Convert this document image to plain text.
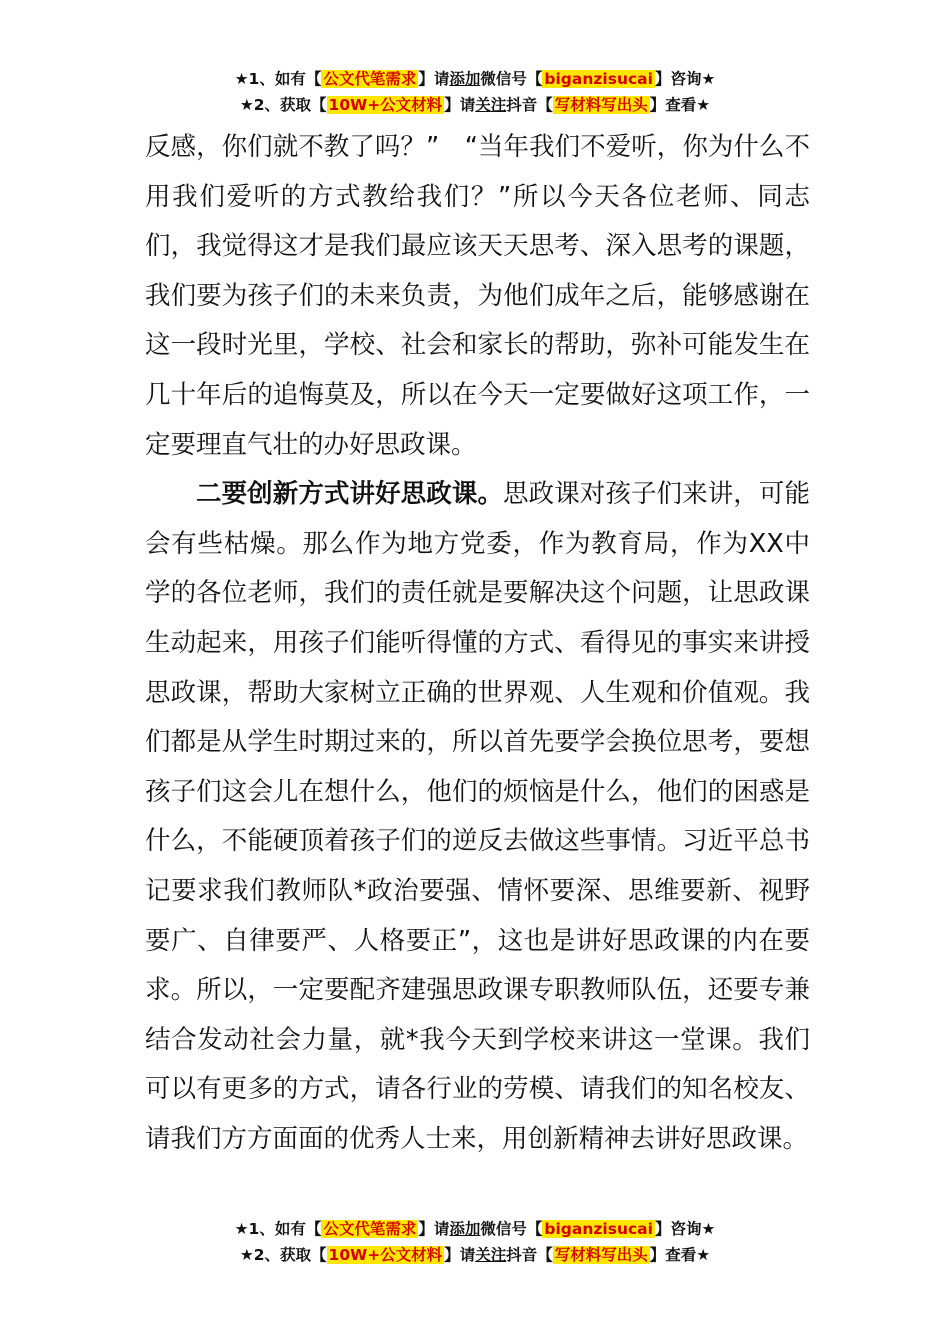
★1、如有【 公文代笔需求 】请添加微信号【 biganzisucai 】咨询★
★2、获取【 10W+公文材料 】请关注抖音【 写材料写出头 】查看★

反感，你们就不教了吗？”　“当年我们不爱听，你为什么不用我们爱听的方式教给我们？”所以今天各位老师、同志们，我觉得这才是我们最应该天天思考、深入思考的课题，我们要为孩子们的未来负责，为他们成年之后，能够感谢在这一段时光里，学校、社会和家长的帮助，弥补可能发生在几十年后的追悔莫及，所以在今天一定要做好这项工作，一定要理直气壮的办好思政课。

二要创新方式讲好思政课。思政课对孩子们来讲，可能会有些枯燥。那么作为地方党委，作为教育局，作为XX中学的各位老师，我们的责任就是要解决这个问题，让思政课生动起来，用孩子们能听得懂的方式、看得见的事实来讲授思政课，帮助大家树立正确的世界观、人生观和价值观。我们都是从学生时期过来的，所以首先要学会换位思考，要想孩子们这会儿在想什么，他们的烦恼是什么，他们的困惑是什么，不能硬顶着孩子们的逆反去做这些事情。习近平总书记要求我们教师队*政治要强、情怀要深、思维要新、视野要广、自律要严、人格要正”，这也是讲好思政课的内在要求。所以，一定要配齐建强思政课专职教师队伍，还要专兼结合发动社会力量，就*我今天到学校来讲这一堂课。我们可以有更多的方式，请各行业的劳模、请我们的知名校友、请我们方方面面的优秀人士来，用创新精神去讲好思政课。

★1、如有【 公文代笔需求 】请添加微信号【 biganzisucai 】咨询★
★2、获取【 10W+公文材料 】请关注抖音【 写材料写出头 】查看★
